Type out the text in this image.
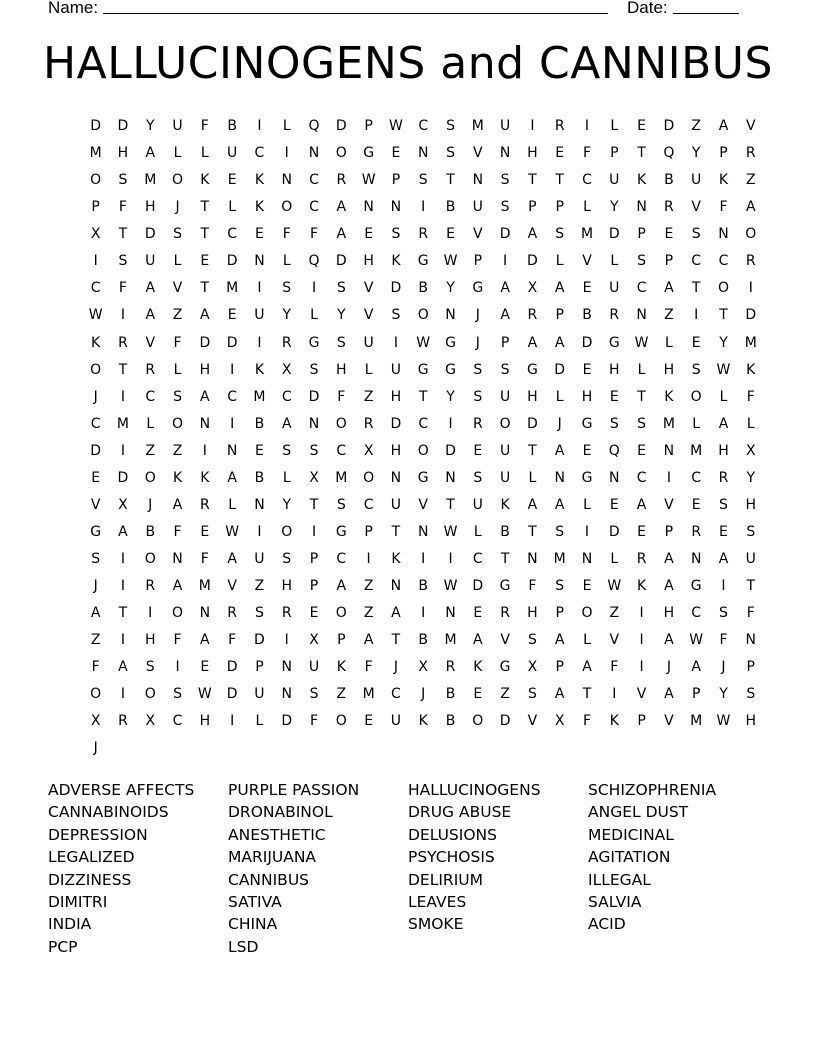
Name:	Date:
HALLUCINOGENS and CANNIBUS
D	D	Y	U	F	B	I	L	Q	D	P	W	C	S	M	U	I	R	I	L	E	D	Z	A	V
M	H	A	L	L	U	C	I	N	O	G	E	N	S	V	N	H	E	F	P	T	Q	Y	P	R
O	S	M	O	K	E	K	N	C	R	W	P	S	T	N	S	T	T	C	U	K	B	U	K	Z
P	F	H	J	T	L	K	O	C	A	N	N	I	B	U	S	P	P	L	Y	N	R	V	F	A
X	T	D	S	T	C	E	F	F	A	E	S	R	E	V	D	A	S	M	D	P	E	S	N	O
I	S	U	L	E	D	N	L	Q	D	H	K	G	W	P	I	D	L	V	L	S	P	C	C	R
C	F	A	V	T	M	I	S	I	S	V	D	B	Y	G	A	X	A	E	U	C	A	T	O	I
W	I	A	Z	A	E	U	Y	L	Y	V	S	O	N	J	A	R	P	B	R	N	Z	I	T	D
K	R	V	F	D	D	I	R	G	S	U	I	W	G	J	P	A	A	D	G	W	L	E	Y	M
O	T	R	L	H	I	K	X	S	H	L	U	G	G	S	S	G	D	E	H	L	H	S	W	K
J	I	C	S	A	C	M	C	D	F	Z	H	T	Y	S	U	H	L	H	E	T	K	O	L	F
C	M	L	O	N	I	B	A	N	O	R	D	C	I	R	O	D	J	G	S	S	M	L	A	L
D	I	Z	Z	I	N	E	S	S	C	X	H	O	D	E	U	T	A	E	Q	E	N	M	H	X
E	D	O	K	K	A	B	L	X	M	O	N	G	N	S	U	L	N	G	N	C	I	C	R	Y
V	X	J	A	R	L	N	Y	T	S	C	U	V	T	U	K	A	A	L	E	A	V	E	S	H
G	A	B	F	E	W	I	O	I	G	P	T	N	W	L	B	T	S	I	D	E	P	R	E	S
S	I	O	N	F	A	U	S	P	C	I	K	I	I	C	T	N	M	N	L	R	A	N	A	U
J	I	R	A	M	V	Z	H	P	A	Z	N	B	W	D	G	F	S	E	W	K	A	G	I	T
A	T	I	O	N	R	S	R	E	O	Z	A	I	N	E	R	H	P	O	Z	I	H	C	S	F
Z	I	H	F	A	F	D	I	X	P	A	T	B	M	A	V	S	A	L	V	I	A	W	F	N
F	A	S	I	E	D	P	N	U	K	F	J	X	R	K	G	X	P	A	F	I	J	A	J	P
O	I	O	S	W	D	U	N	S	Z	M	C	J	B	E	Z	S	A	T	I	V	A	P	Y	S
X	R	X	C	H	I	L	D	F	O	E	U	K	B	O	D	V	X	F	K	P	V	M	W	H
J
ADVERSE AFFECTS	PURPLE PASSION	HALLUCINOGENS	SCHIZOPHRENIA
CANNABINOIDS	DRONABINOL	DRUG ABUSE	ANGEL DUST
DEPRESSION	ANESTHETIC	DELUSIONS	MEDICINAL
LEGALIZED	MARIJUANA	PSYCHOSIS	AGITATION
DIZZINESS	CANNIBUS	DELIRIUM	ILLEGAL
DIMITRI	SATIVA	LEAVES	SALVIA
INDIA	CHINA	SMOKE	ACID
PCP	LSD
